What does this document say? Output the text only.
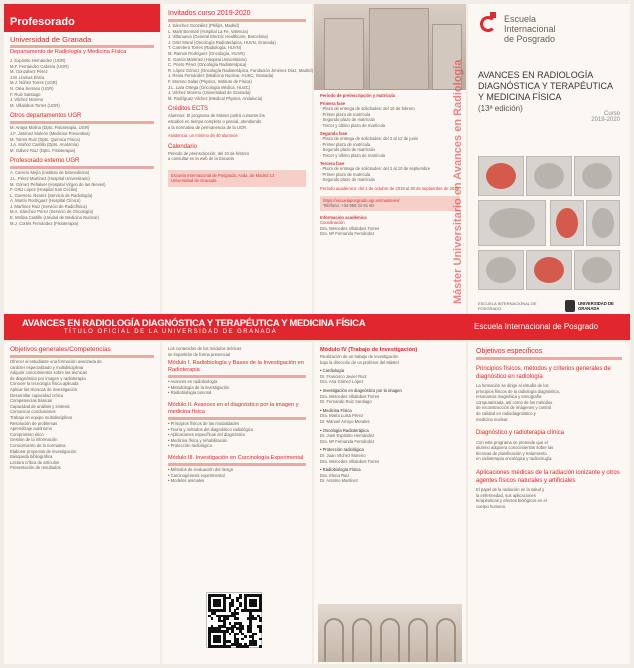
Profesorado
Universidad de Granada
Departamento de Radiología y Medicina Física
J. Expósito Hernández (UGR)
M.F. Fernández Cabrera (UGR)
M. Gonzálvez Pérez
J.M. Llamas Elvira
M.J. Núñez Torres (UGR)
N. Olea Serrano (UGR)
F. Ruiz Santiago
J. Vilchez Moreno
M. Villalobos Torres (UGR)
Otros departamentos UGR
M. Anaya Molina (Dpto. Fisioterapia, UGR)
J.F. Jiménez Moleón (Medicina Preventiva)
M. Torres Ruiz (Dpto. Química Física)
J.A. Muñoz Castillo (Dpto. Anatomía)
M. Gálvez Ruiz (Dpto. Fisioterapia)
Profesorado externo UGR
A. Carrero Mejía (Instituto de Biomedicina)
J.L. Pérez Martínez (Hospital Universitario)
M. Gómez Peñalver (Hospital Virgen de las Nieves)
F. Ortiz López (Hospital San Cecilio)
L. Guerrero Álvarez (Servicio de Radiología)
A. Martín Rodríguez (Hospital Clínico)
J. Martínez Ruiz (Servicio de Radiofísica)
M.A. Sánchez Pérez (Servicio de Oncología)
E. Molina Castillo (Unidad de Medicina Nuclear)
M.J. Cortés Fernández (Fisioterapia)
Invitados curso 2019-2020
J. Sánchez González (Philips, Madrid)
L. Martí Bonmatí (Hospital La Fe, Valencia)
J. Villanueva (General Electric Healthcare, Barcelona)
J. Ortiz Moral (Oncología Radioterápica, HUVN, Granada)
T. Carretero Torres (Radiología, HUVN)
M. Ramos Rodríguez (Oncología, HUVN)
E. García Martínez (Hospital Universitario)
C. Prieto Pérez (Oncología Radioterápica)
R. López Gómez (Oncología Radioterápica, Fundación Jiménez Díaz, Madrid)
J. Reina Fernández (Medicina Nuclear, HUSC, Granada)
F. Moreno Salas (Physics, Instituto de Física)
J.L. Lara Ortega (Oncología Médica, HUSC)
J. Vilchez Moreno (Universidad de Granada)
M. Rodríguez Vilchez (Medical Physics, Andalucía)
Créditos ECTS
Alumnos: El programa de Máster podrá cursarse los
estudios en tiempo completo o parcial, atendiendo
a la normativa de permanencia de la UGR.
Asistencia: un mínimo de 40 alumnos
Calendario
Periodo de preinscripción: del 10 de febrero
a consultar en la web de la Escuela
Escuela Internacional de Posgrado, Avda. de Madrid 13
Universidad de Granada
Periodo de preinscripción y matrícula
Primera fase
· Plazo de entrega de solicitudes: del 10 de febrero
· Primer plazo de matrícula
· Segundo plazo de matrícula
· Tercer y último plazo de matrícula
Segunda fase
· Plazo de entrega de solicitudes: del 2 al 12 de junio
· Primer plazo de matrícula
· Segundo plazo de matrícula
· Tercer y último plazo de matrícula
Tercera fase
· Plazo de entrega de solicitudes: del 2 al 10 de septiembre
· Primer plazo de matrícula
· Segundo plazo de matrícula
Período académico: del 1 de octubre de 2019 al 30 de septiembre de 2020
https://escuelaposgrado.ugr.es/masteres/
Teléfono: +34 958 24 81 60
Información académica
Coordinación
Dra. Mercedes Villalobos Torres
Dra. Mª Fernanda Fernández	Máster Universitario en Avances en Radiología
Escuela
Internacional
de Posgrado
AVANCES EN RADIOLOGÍA
DIAGNÓSTICA Y TERAPÉUTICA
Y MEDICINA FÍSICA
(13ª edición)
Curso
2019-2020
ESCUELA INTERNACIONAL DE POSGRADO
UNIVERSIDAD DE GRANADA
AVANCES EN RADIOLOGÍA DIAGNÓSTICA Y TERAPÉUTICA Y MEDICINA FÍSICA
TÍTULO OFICIAL DE LA UNIVERSIDAD DE GRANADA
Escuela Internacional de Posgrado
Objetivos generales/Competencias
Ofrecer al estudiante una formación avanzada de
carácter especializado y multidisciplinar
Adquirir conocimientos sobre las técnicas
de diagnóstico por imagen y radioterapia
Conocer la tecnología física aplicada
Aplicar las técnicas de investigación
Desarrollar capacidad crítica
Competencias básicas
Capacidad de análisis y síntesis
Comunicar conclusiones
Trabajo en equipo multidisciplinar
Resolución de problemas
Aprendizaje autónomo
Compromiso ético
Gestión de la información
Conocimiento de la normativa
Elaborar proyectos de investigación
Búsqueda bibliográfica
Lectura crítica de artículos
Presentación de resultados
Los contenidos de los módulos teóricos
se impartirán de forma presencial
Módulo I. Radiobiología y Bases de la Investigación en Radioterapia
• Avances en radiobiología
• Metodología de la investigación
• Radiobiología tumoral
Módulo II. Avances en el diagnóstico por la imagen y medicina física
• Principios físicos de las modalidades
• Teoría y métodos del diagnóstico radiológico
• Aplicaciones específicas del diagnóstico
• Medicina física y rehabilitación
• Protección radiológica
Módulo III. Investigación en Carcinología Experimental
• Métodos de evaluación del riesgo
• Carcinogénesis experimental
• Modelos animales
Módulo IV (Trabajo de Investigación)
Realización de un trabajo de investigación
bajo la dirección de un profesor del Máster
• Cardiología
Dr. Francisco Javier Ruiz
Dra. Ana Gómez López
• Investigación en diagnóstico por la imagen
Dra. Mercedes Villalobos Torres
Dr. Fernando Ruiz Santiago
• Medicina Física
Dra. María Luisa Pérez
Dr. Manuel Arroyo Morales
• Oncología Radioterápica
Dr. José Expósito Hernández
Dra. Mª Fernanda Fernández
• Protección radiológica
Dr. Juan Vilchez Moreno
Dra. Mercedes Villalobos Torres
• Radiobiología Física
Dra. Elena Ruiz
Dr. Antonio Martínez
Objetivos específicos
Principios físicos, métodos y criterios generales de diagnóstico en radiología
La formación se dirige al estudio de los
principios físicos de la radiología diagnóstica,
resonancia magnética y tomografía
computarizada, así como de los métodos
de reconstrucción de imágenes y control
de calidad en radiodiagnóstico y
medicina nuclear.
Diagnóstico y radioterapia clínica
Con este programa se pretende que el
alumno adquiera conocimientos sobre las
técnicas de planificación y tratamiento
en radioterapia oncológica y radiocirugía.
Aplicaciones médicas de la radiación ionizante y otros agentes físicos naturales y artificiales
El papel de la radiación en la salud y
la enfermedad, sus aplicaciones
terapéuticas y efectos biológicos en el
cuerpo humano.
